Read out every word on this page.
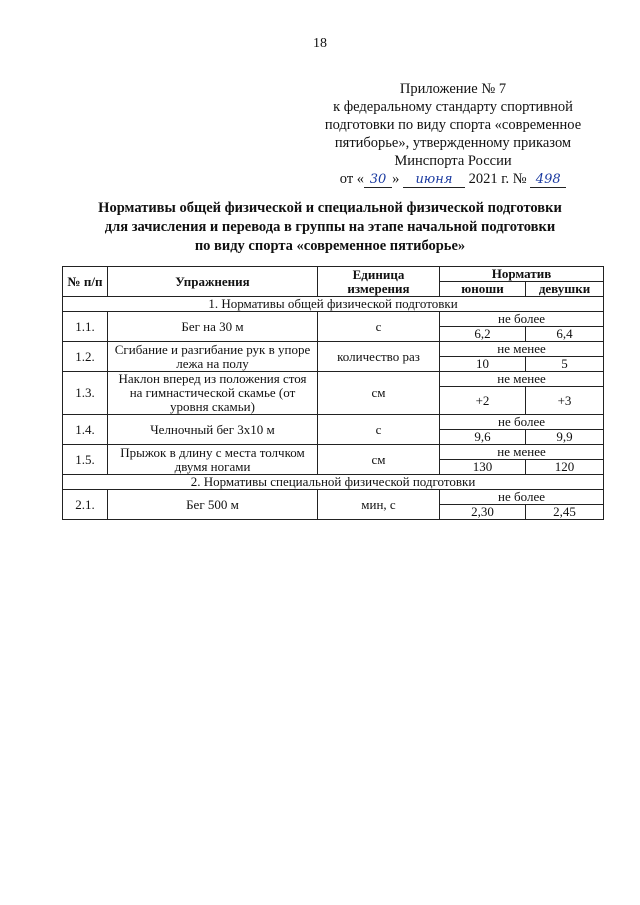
18
Приложение № 7
к федеральному стандарту спортивной
подготовки по виду спорта «современное
пятиборье», утвержденному приказом
Минспорта России
от « 30 » июня 2021 г. № 498
Нормативы общей физической и специальной физической подготовки
для зачисления и перевода в группы на этапе начальной подготовки
по виду спорта «современное пятиборье»
№ п/п	Упражнения	Единица измерения	Норматив	
			юноши	девушки
1. Нормативы общей физической подготовки				
1.1.	Бег на 30 м	с	не более	
			6,2	6,4
1.2.	Сгибание и разгибание рук в упоре лежа на полу	количество раз	не менее	
			10	5
1.3.	Наклон вперед из положения стоя на гимнастической скамье (от уровня скамьи)	см	не менее	
			+2	+3
1.4.	Челночный бег 3х10 м	с	не более	
			9,6	9,9
1.5.	Прыжок в длину с места толчком двумя ногами	см	не менее	
			130	120
2. Нормативы специальной физической подготовки				
2.1.	Бег 500 м	мин, с	не более	
			2,30	2,45
